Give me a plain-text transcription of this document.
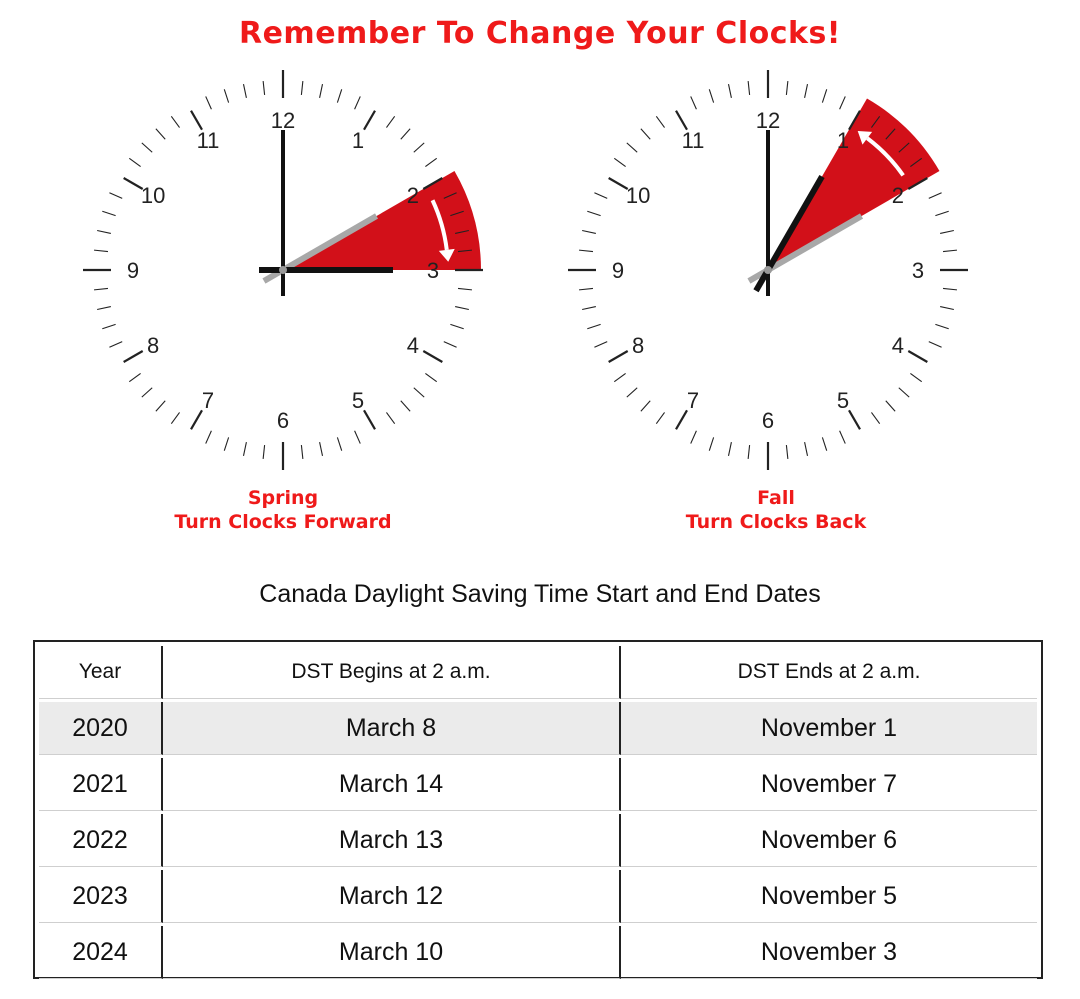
12
1
2
3
4
5
6
7
8
9
10
11
12
1
2
3
4
5
6
7
8
9
10
11
Remember To Change Your Clocks!
Spring
Turn Clocks Forward
Fall
Turn Clocks Back
Canada Daylight Saving Time Start and End Dates
Year	DST Begins at 2 a.m.	DST Ends at 2 a.m.
2020	March 8	November 1
2021	March 14	November 7
2022	March 13	November 6
2023	March 12	November 5
2024	March 10	November 3
